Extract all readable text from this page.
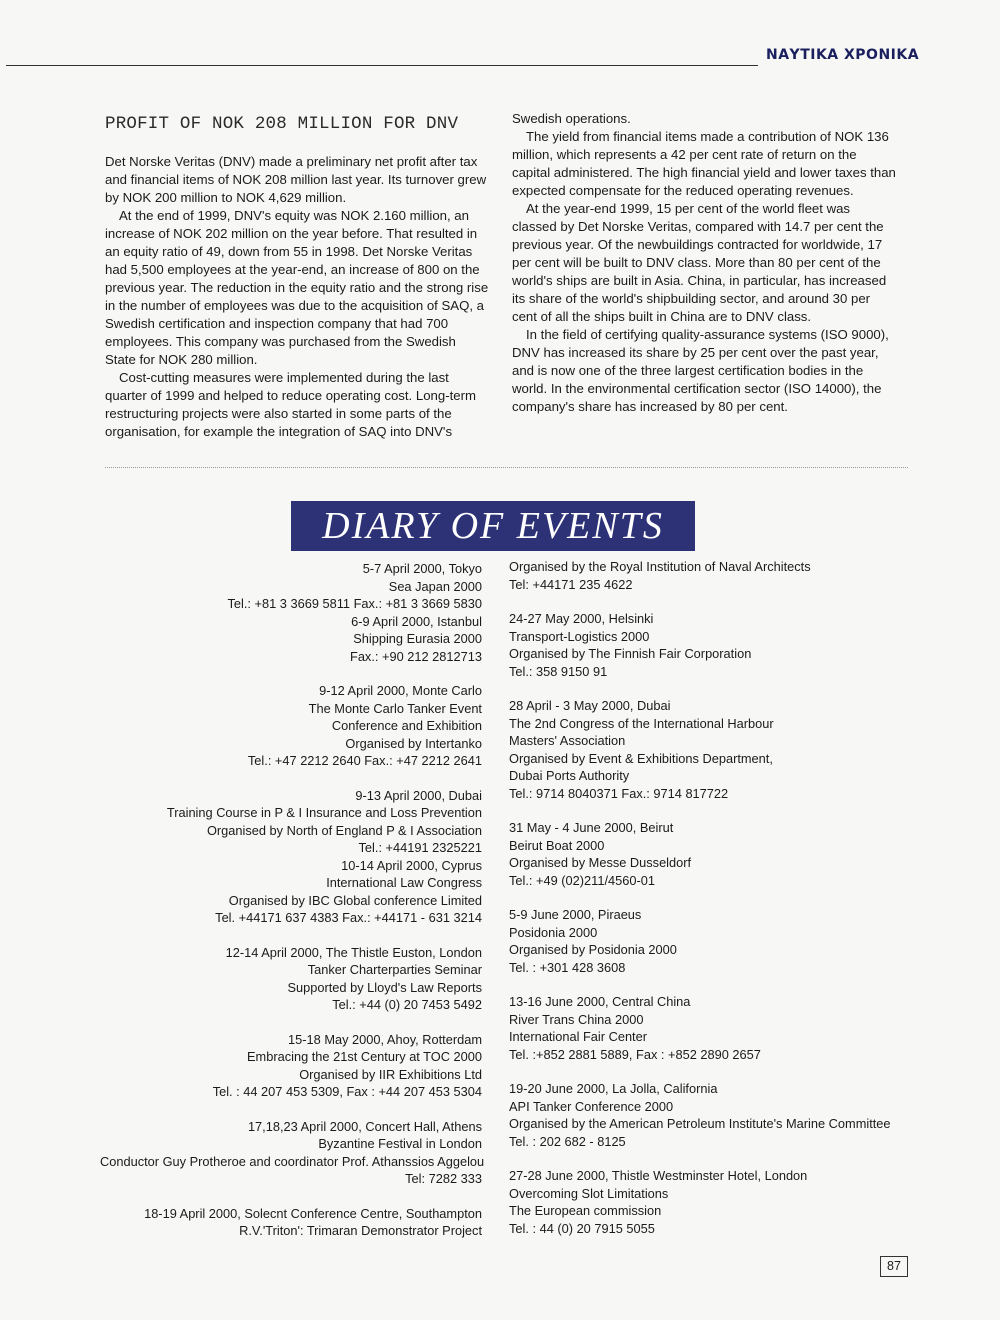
ΝΑΥΤΙΚΑ ΧΡΟΝΙΚΑ
PROFIT OF NOK 208 MILLION FOR DNV

Det Norske Veritas (DNV) made a preliminary net profit after tax and financial items of NOK 208 million last year. Its turnover grew by NOK 200 million to NOK 4,629 million.

At the end of 1999, DNV's equity was NOK 2.160 million, an increase of NOK 202 million on the year before. That resulted in an equity ratio of 49, down from 55 in 1998. Det Norske Veritas had 5,500 employees at the year-end, an increase of 800 on the previous year. The reduction in the equity ratio and the strong rise in the number of employees was due to the acquisition of SAQ, a Swedish certification and inspection company that had 700 employees. This company was purchased from the Swedish State for NOK 280 million.

Cost-cutting measures were implemented during the last quarter of 1999 and helped to reduce operating cost. Long-term restructuring projects were also started in some parts of the organisation, for example the integration of SAQ into DNV's

Swedish operations.

The yield from financial items made a contribution of NOK 136 million, which represents a 42 per cent rate of return on the capital administered. The high financial yield and lower taxes than expected compensate for the reduced operating revenues.

At the year-end 1999, 15 per cent of the world fleet was classed by Det Norske Veritas, compared with 14.7 per cent the previous year. Of the newbuildings contracted for worldwide, 17 per cent will be built to DNV class. More than 80 per cent of the world's ships are built in Asia. China, in particular, has increased its share of the world's shipbuilding sector, and around 30 per cent of all the ships built in China are to DNV class.

In the field of certifying quality-assurance systems (ISO 9000), DNV has increased its share by 25 per cent over the past year, and is now one of the three largest certification bodies in the world. In the environmental certification sector (ISO 14000), the company's share has increased by 80 per cent.

DIARY OF EVENTS
5-7 April 2000, Tokyo
Sea Japan 2000
Tel.: +81 3 3669 5811 Fax.: +81 3 3669 5830
6-9 April 2000, Istanbul
Shipping Eurasia 2000
Fax.: +90 212 2812713
9-12 April 2000, Monte Carlo
The Monte Carlo Tanker Event
Conference and Exhibition
Organised by Intertanko
Tel.: +47 2212 2640 Fax.: +47 2212 2641
9-13 April 2000, Dubai
Training Course in P & I Insurance and Loss Prevention
Organised by North of England P & I Association
Tel.: +44191 2325221
10-14 April 2000, Cyprus
International Law Congress
Organised by IBC Global conference Limited
Tel. +44171 637 4383 Fax.: +44171 - 631 3214
12-14 April 2000, The Thistle Euston, London
Tanker Charterparties Seminar
Supported by Lloyd's Law Reports
Tel.: +44 (0) 20 7453 5492
15-18 May 2000, Ahoy, Rotterdam
Embracing the 21st Century at TOC 2000
Organised by IIR Exhibitions Ltd
Tel. : 44 207 453 5309, Fax : +44 207 453 5304
17,18,23 April 2000, Concert Hall, Athens
Byzantine Festival in London
Conductor Guy Protheroe and coordinator Prof. Athanssios Aggelou
Tel: 7282 333
18-19 April 2000, Solecnt Conference Centre, Southampton
R.V.'Triton': Trimaran Demonstrator Project
Organised by the Royal Institution of Naval Architects
Tel: +44171 235 4622
24-27 May 2000, Helsinki
Transport-Logistics 2000
Organised by The Finnish Fair Corporation
Tel.: 358 9150 91
28 April - 3 May 2000, Dubai
The 2nd Congress of the International Harbour
Masters' Association
Organised by Event & Exhibitions Department,
Dubai Ports Authority
Tel.: 9714 8040371 Fax.: 9714 817722
31 May - 4 June 2000, Beirut
Beirut Boat 2000
Organised by Messe Dusseldorf
Tel.: +49 (02)211/4560-01
5-9 June 2000, Piraeus
Posidonia 2000
Organised by Posidonia 2000
Tel. : +301 428 3608
13-16 June 2000, Central China
River Trans China 2000
International Fair Center
Tel. :+852 2881 5889, Fax : +852 2890 2657
19-20 June 2000, La Jolla, California
API Tanker Conference 2000
Organised by the American Petroleum Institute's Marine Committee
Tel. : 202 682 - 8125
27-28 June 2000, Thistle Westminster Hotel, London
Overcoming Slot Limitations
The European commission
Tel. : 44 (0) 20 7915 5055
87
